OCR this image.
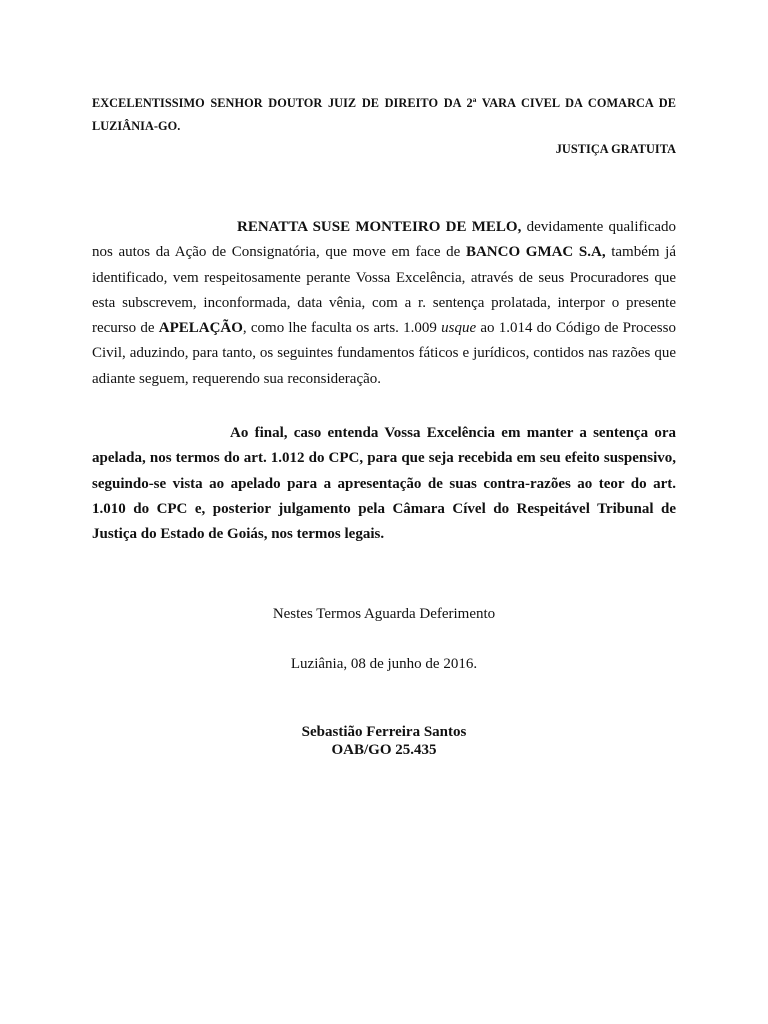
EXCELENTISSIMO SENHOR DOUTOR JUIZ DE DIREITO DA 2ª VARA CIVEL DA COMARCA DE LUZIÂNIA-GO.

JUSTIÇA GRATUITA

RENATTA SUSE MONTEIRO DE MELO, devidamente qualificado nos autos da Ação de Consignatória, que move em face de BANCO GMAC S.A, também já identificado, vem respeitosamente perante Vossa Excelência, através de seus Procuradores que esta subscrevem, inconformada, data vênia, com a r. sentença prolatada, interpor o presente recurso de APELAÇÃO, como lhe faculta os arts. 1.009 usque ao 1.014 do Código de Processo Civil, aduzindo, para tanto, os seguintes fundamentos fáticos e jurídicos, contidos nas razões que adiante seguem, requerendo sua reconsideração.

Ao final, caso entenda Vossa Excelência em manter a sentença ora apelada, nos termos do art. 1.012 do CPC, para que seja recebida em seu efeito suspensivo, seguindo-se vista ao apelado para a apresentação de suas contra-razões ao teor do art. 1.010 do CPC e, posterior julgamento pela Câmara Cível do Respeitável Tribunal de Justiça do Estado de Goiás, nos termos legais.

Nestes Termos Aguarda Deferimento

Luziânia, 08 de junho de 2016.

Sebastião Ferreira Santos

OAB/GO 25.435
